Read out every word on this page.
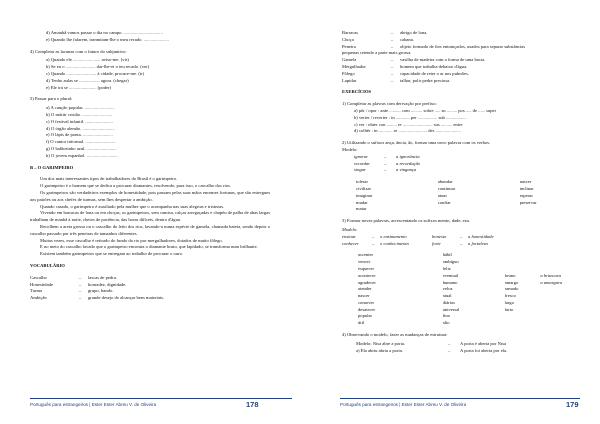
d) Amanhã vamos passar o dia no campo. ..................................
e) Quando lhe falarem, tranmitam-lhe o meu recado. ......................
4) Completar as lacunas com o futuro do subjuntivo:
a) Quando ele ........................ aviso-me. (vir)
b) Se eu o .......................... dar-lhe-ei o teu recado. (ver)
c) Quando .......................... à cidade, procure-me. (ir)
d) Tenho aulas se .................. agora. (chegar)
e) Ele irá se ........................ (poder)
5) Passar para o plural:
a) A canção popular. ..........................
b) O mártir cristão. ..........................
c) O festival infantil. ........................
d) O órgão alemão. ............................
e) O lápis de ponta. ..........................
f) O cantor informal. ..........................
g) O balãozinho azul. ..........................
h) O jovem espanhol. ...........................
B – O GARIMPEIRO
Um dos mais interessantes tipos de trabalhadores do Brasil é o garimpeiro.
O garimpeiro é o homem que se dedica a procurar diamantes, resolvendo, para isso, o cascalho dos rios.
Os garimpeiros são verdadeiros exemplos de honestidade, pois passam pelas suas mãos enormes fortunas, que são entregues aos patrões ou aos chefes de turmas, sem lhes despertar a ambição.
Quando casado, o garimpeiro é auxiliado pela mulher que o acompanha nas suas alegrias e tristezas.
Vivendo em barracas de lona ou em choças, os garimpeiros, sem camisa, calças arregaçadas e chapéu de palha de abas largas trabalham de manhã à noite, cheios de paciência, das horas difíceis, dentro d'água.
Recolhem a areia grossa ou o cascalho do leito dos rios, lavando-a numa espécie de gamela, chamada bateia, sendo depois o cascalho passado por três peneiras de tamanhos diferentes.
Muitas vezes, esse cascalho é retirado do fundo do rio por mergulhadores, dotados de muito fôlego.
E no meio do cascalho lavado que o garimpeiro encontra o diamante bruto, que lapidado, se transforma num brilhante.
Existem também garimpeiros que se entregam ao trabalho de procurar o ouro.
VOCABULÁRIO
Cascalho	–	lascas de pedra.
Honestidade	–	honradez, dignidade.
Turma	–	grupo, bando.
Ambição	–	grande desejo de alcançar bens materiais.
Português para estrangeiros | Ester Ester Abreu V. de Oliveira	178
Barracas	–	abrigo de lona.
Choça	–	cabana.
Peneira	–	objeto formado de fios entrançados, usados para separar substâncias
pequenas retendo a parte mais grossa.
Gamela	–	vasilha de madeira com a forma de uma bacia.
Mergulhador	–	homem que trabalha debaixo d'água.
Fôlego	–	capacidade de reter o ar nos pulmões.
Lapidar	–	talhar, polir pedra preciosa.
EXERCÍCIOS
1) Completar as plavras com derivação por prefixo:
a) pôr / opor : ante .......... com .......... sobre ..... su ......... pos ..... de ...... super
b) verter / reverter : in ............ per ................. sub ..................
c) ver : obter con ......... re .......................... sus .......... entre
d) colhêr : in ............ re ......................... des ......................
2) Utilizando o sufixos ança, ância, ão, formar uma novo palavra com os verbos:
Modelo:
ignorar	–	a ignorância
recordar	–	a recordação
singar	–	a vingança
tolerar	abundar	nascer
civilizar	continuar	inclinar
imaginar	atuar	esperar
mudar	confiar	preservar
matar
3) Formar novas palavras, acrescentando os sufixos mento, dade, eza.
Modelo:
ensinar	–	o ensinamento	honesto	–	a honestidade
conhecer	–	o conhecimento	forte	–	a fortaleza
ascenter	hábil
vencer	ambíguo
esquecer	feliz
acontecer	eventual	bruno	a brancura
agradecer	humano	amargo	a amargura
atender	veloz	armado
nascer	atual	fresco
comover	diárias	largo
desatecer	universal	farto
popular	fino
útil	alto
4) Observando o modelo, fazer as mudanças de estrutura:
Modelo: Nisa abre a porta.	–	A porta é aberta por Nisa
a) Ela abriu abriu a porta.	–	A porta foi aberta por ela.
Português para estrangeiros | Ester Ester Abreu V. de Oliveira	179
